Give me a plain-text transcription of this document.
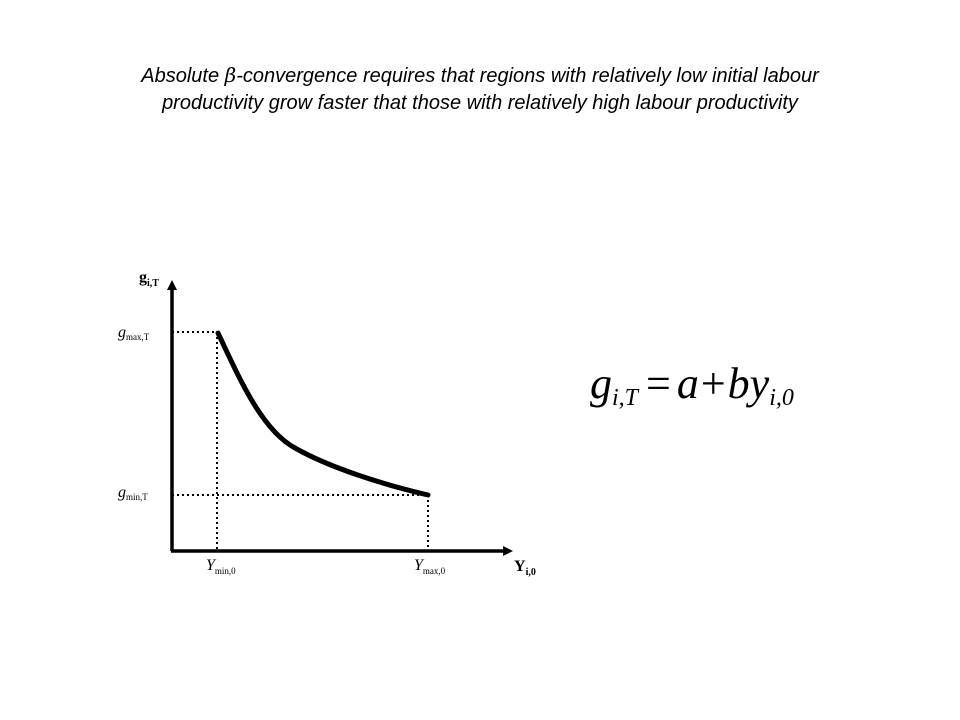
Absolute β-convergence requires that regions with relatively low initial labour
productivity grow faster that those with relatively high labour productivity
$g_{i,T}$
$Y_{i,0}$
gmax,T
gmin,T
$Y_{min,0}$	$Y_{max,0}$
gi,T = a+byi,0
